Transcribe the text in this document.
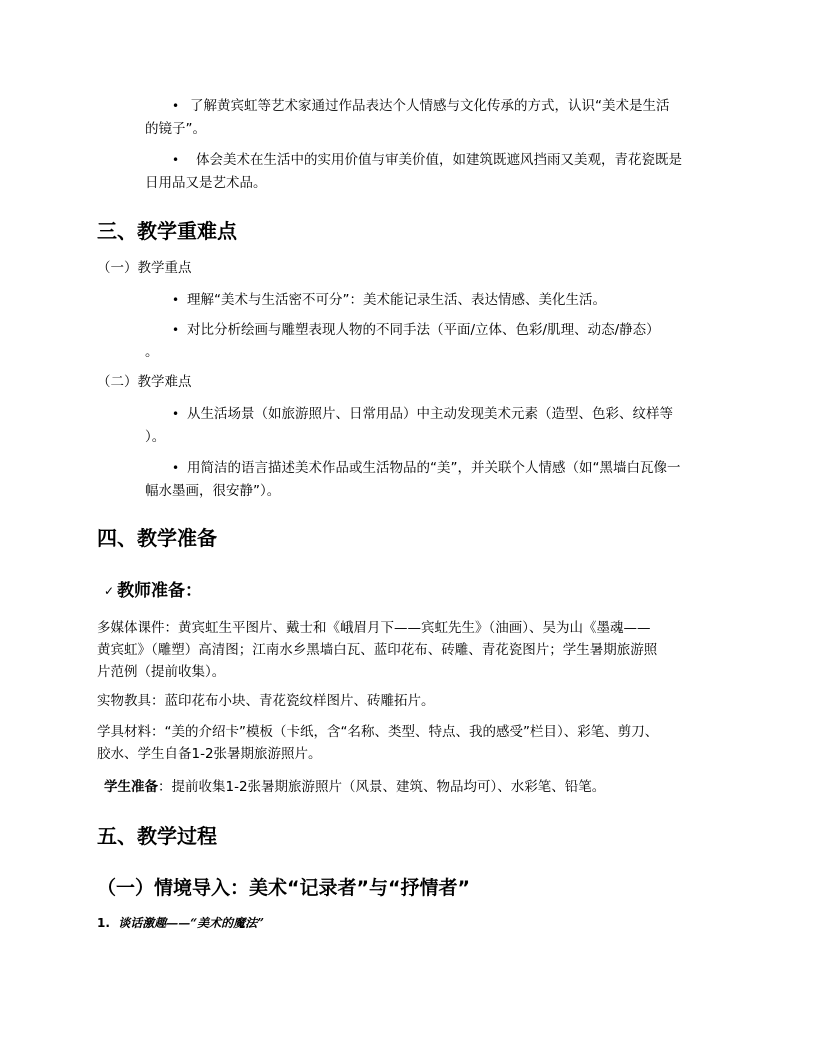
• 了解黄宾虹等艺术家通过作品表达个人情感与文化传承的方式，认识“美术是生活
的镜子”。
• 体会美术在生活中的实用价值与审美价值，如建筑既遮风挡雨又美观，青花瓷既是
日用品又是艺术品。
三、教学重难点
（一）教学重点
• 理解“美术与生活密不可分”：美术能记录生活、表达情感、美化生活。
• 对比分析绘画与雕塑表现人物的不同手法（平面/立体、色彩/肌理、动态/静态）
。
（二）教学难点
• 从生活场景（如旅游照片、日常用品）中主动发现美术元素（造型、色彩、纹样等
）。
• 用简洁的语言描述美术作品或生活物品的“美”，并关联个人情感（如“黑墙白瓦像一
幅水墨画，很安静”）。
四、教学准备
✓ 教师准备：
多媒体课件：黄宾虹生平图片、戴士和《峨眉月下——宾虹先生》（油画）、吴为山《墨魂——
黄宾虹》（雕塑）高清图；江南水乡黑墙白瓦、蓝印花布、砖雕、青花瓷图片；学生暑期旅游照
片范例（提前收集）。
实物教具：蓝印花布小块、青花瓷纹样图片、砖雕拓片。
学具材料：“美的介绍卡”模板（卡纸，含“名称、类型、特点、我的感受”栏目）、彩笔、剪刀、
胶水、学生自备1-2张暑期旅游照片。
学生准备：提前收集1-2张暑期旅游照片（风景、建筑、物品均可）、水彩笔、铅笔。
五、教学过程
（一）情境导入：美术“记录者”与“抒情者”
1. 谈话激趣——“美术的魔法”
